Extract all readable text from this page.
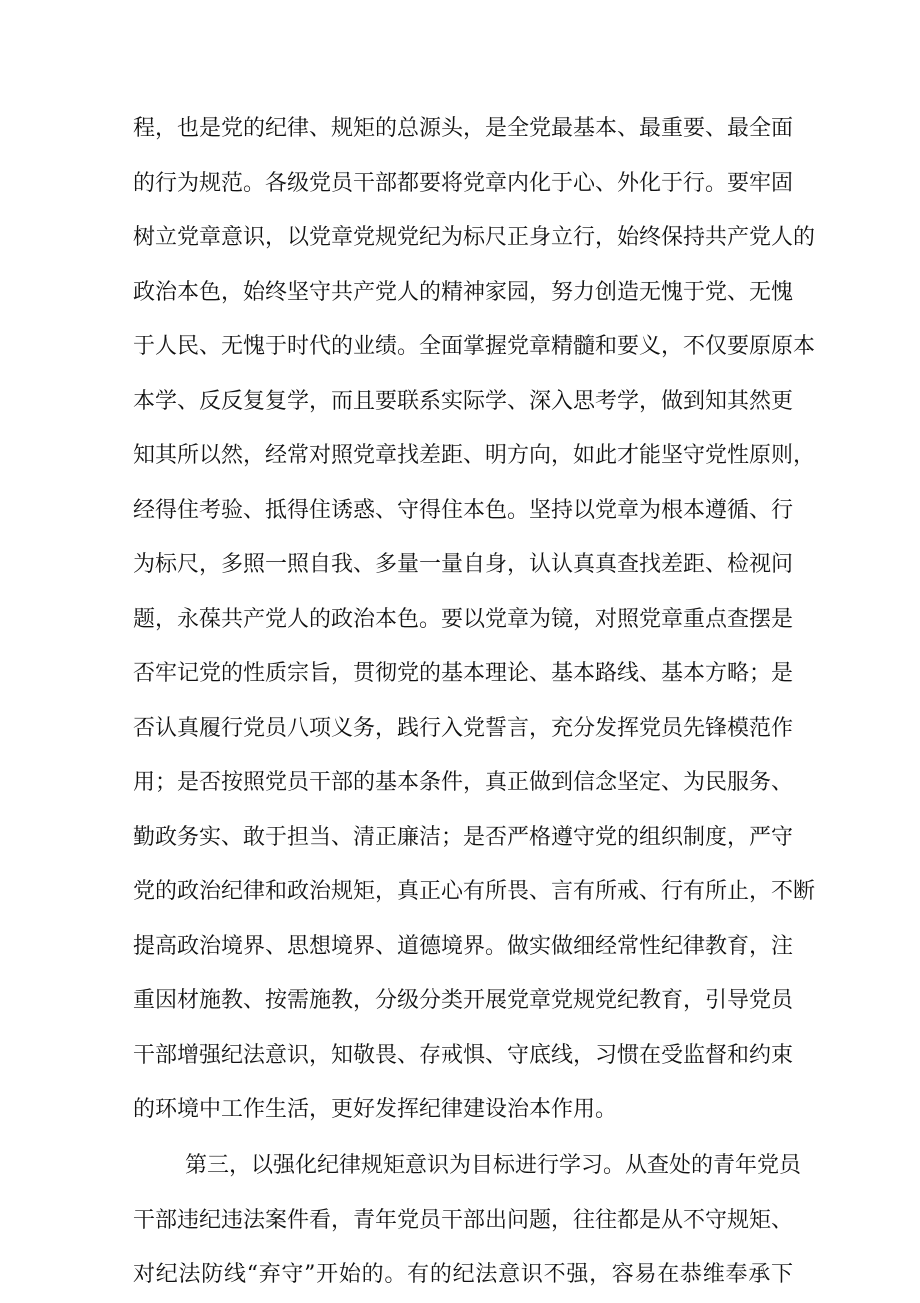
程，也是党的纪律、规矩的总源头，是全党最基本、最重要、最全面
的行为规范。各级党员干部都要将党章内化于心、外化于行。要牢固
树立党章意识，以党章党规党纪为标尺正身立行，始终保持共产党人的
政治本色，始终坚守共产党人的精神家园，努力创造无愧于党、无愧
于人民、无愧于时代的业绩。全面掌握党章精髓和要义，不仅要原原本
本学、反反复复学，而且要联系实际学、深入思考学，做到知其然更
知其所以然，经常对照党章找差距、明方向，如此才能坚守党性原则，
经得住考验、抵得住诱惑、守得住本色。坚持以党章为根本遵循、行
为标尺，多照一照自我、多量一量自身，认认真真查找差距、检视问
题，永葆共产党人的政治本色。要以党章为镜，对照党章重点查摆是
否牢记党的性质宗旨，贯彻党的基本理论、基本路线、基本方略；是
否认真履行党员八项义务，践行入党誓言，充分发挥党员先锋模范作
用；是否按照党员干部的基本条件，真正做到信念坚定、为民服务、
勤政务实、敢于担当、清正廉洁；是否严格遵守党的组织制度，严守
党的政治纪律和政治规矩，真正心有所畏、言有所戒、行有所止，不断
提高政治境界、思想境界、道德境界。做实做细经常性纪律教育，注
重因材施教、按需施教，分级分类开展党章党规党纪教育，引导党员
干部增强纪法意识，知敬畏、存戒惧、守底线，习惯在受监督和约束
的环境中工作生活，更好发挥纪律建设治本作用。
第三，以强化纪律规矩意识为目标进行学习。从查处的青年党员
干部违纪违法案件看，青年党员干部出问题，往往都是从不守规矩、
对纪法防线“弃守”开始的。有的纪法意识不强，容易在恭维奉承下
